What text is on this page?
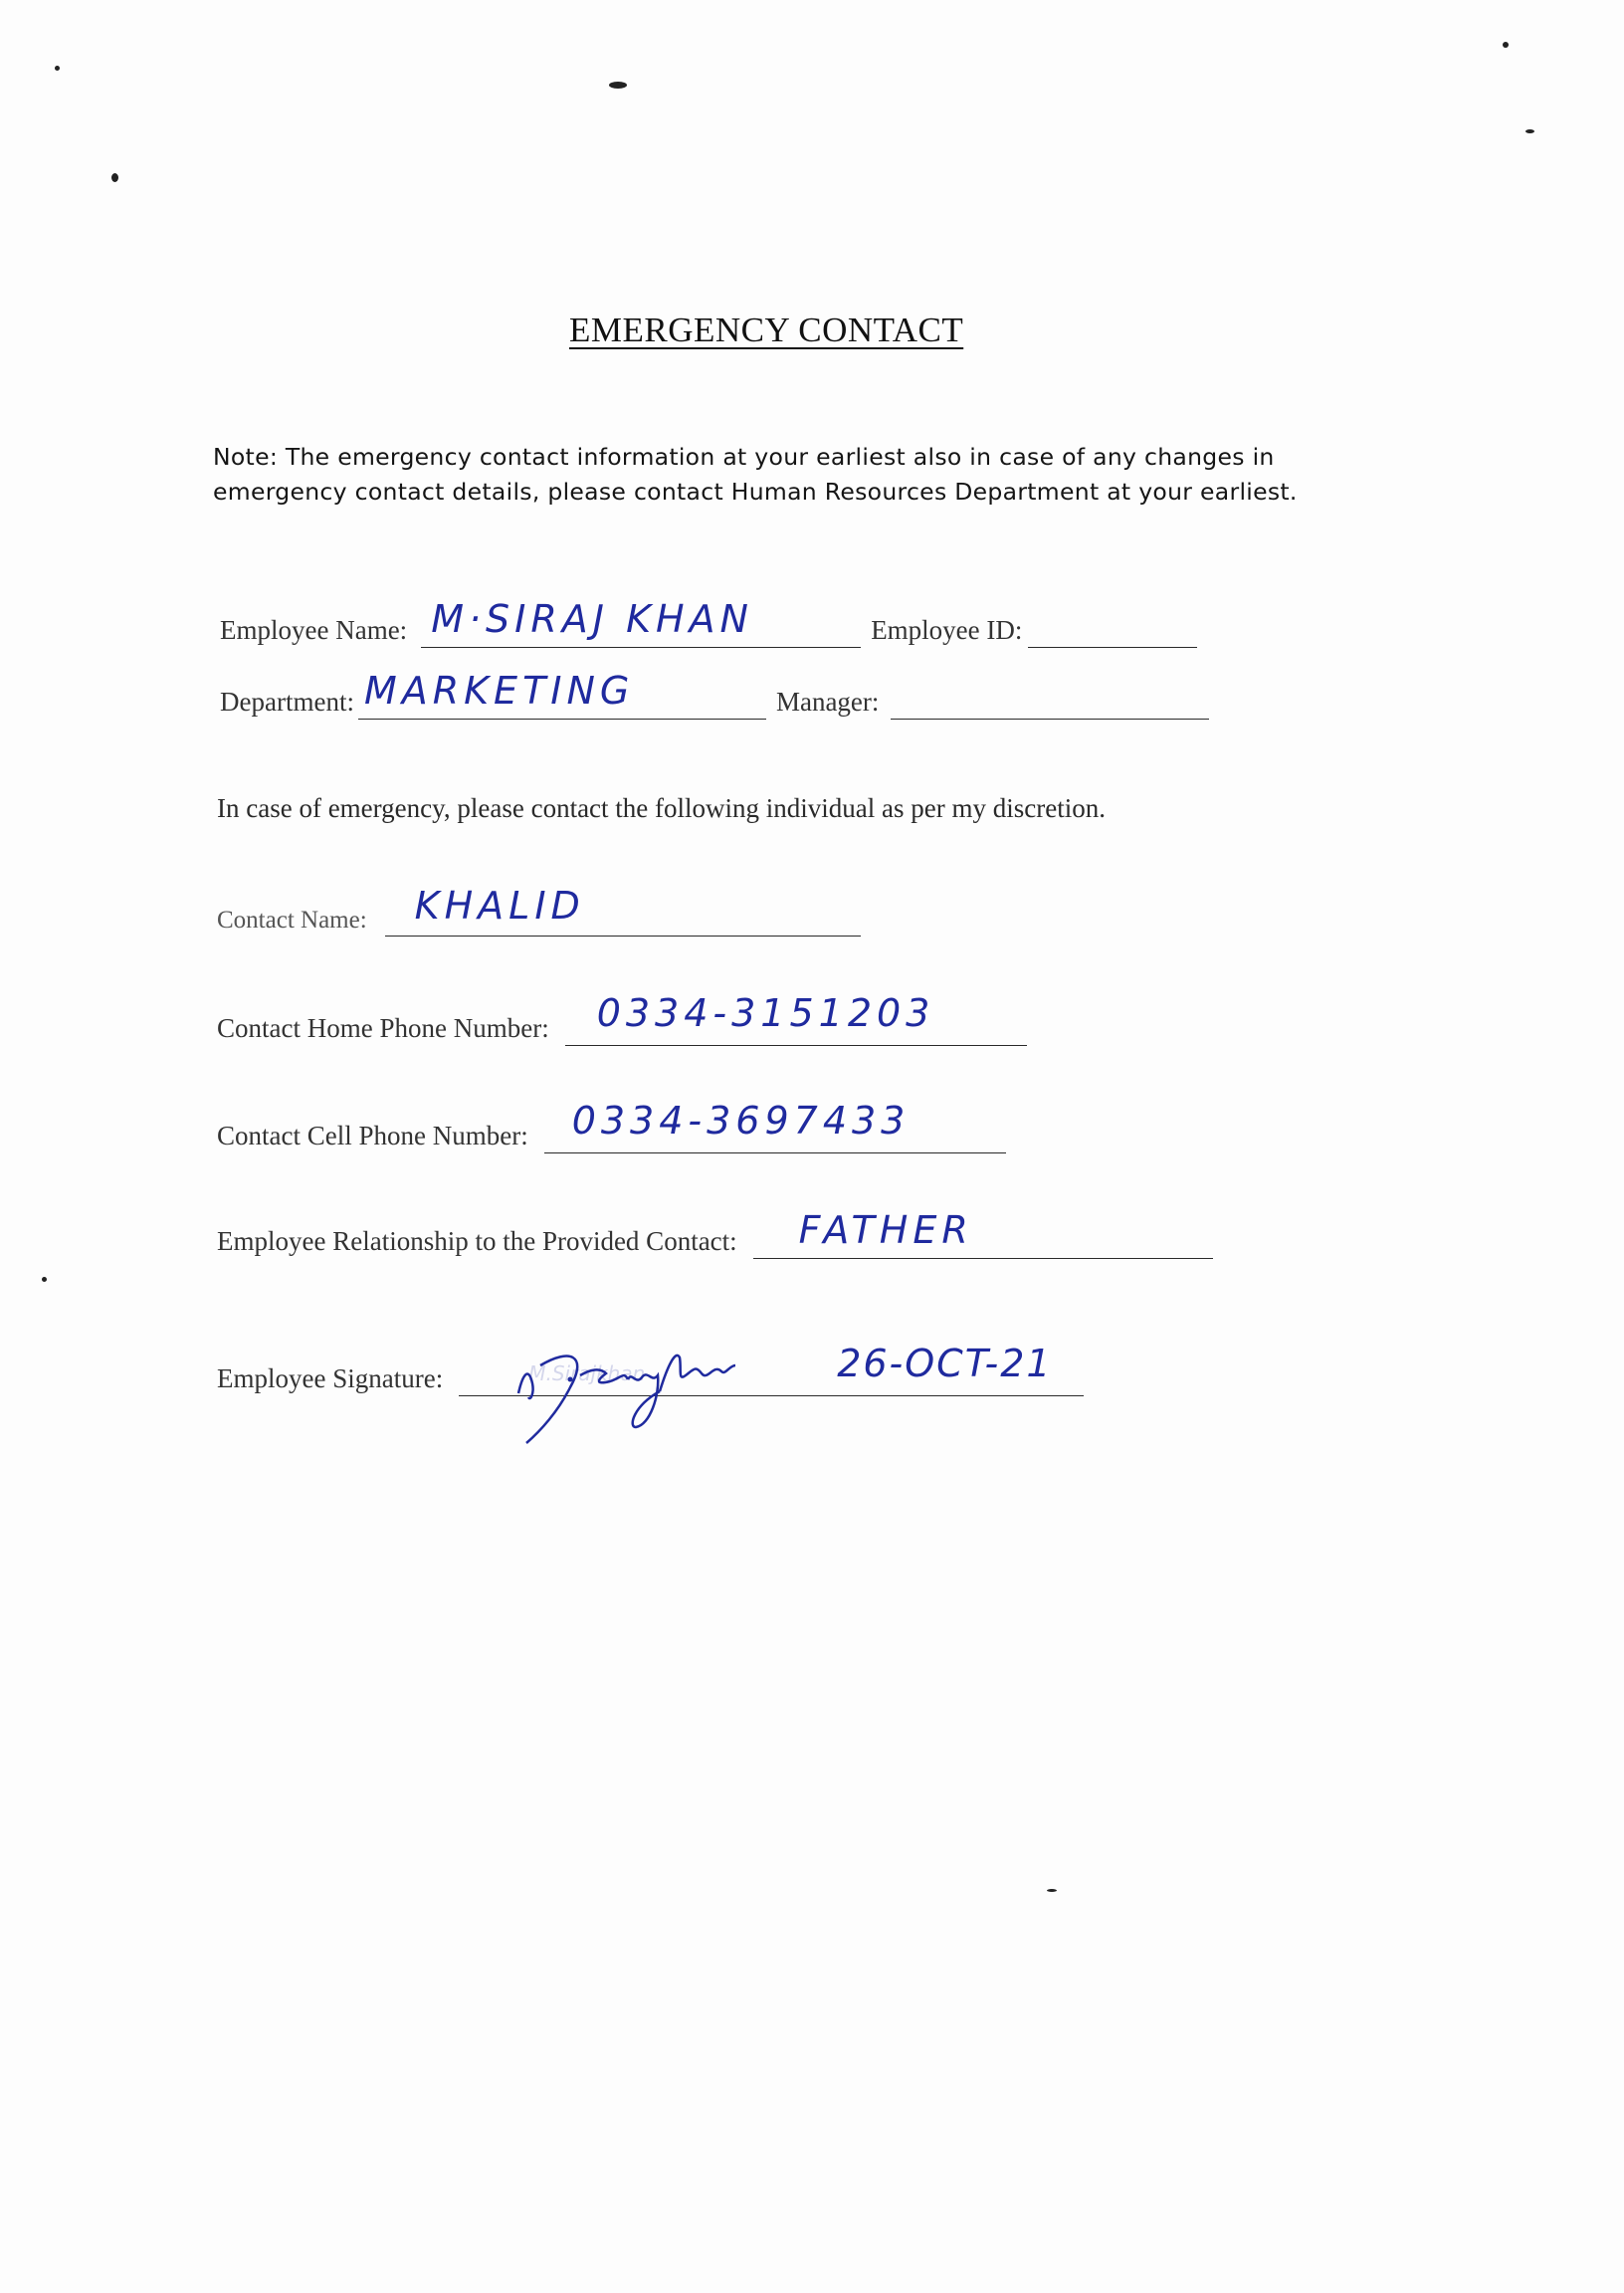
EMERGENCY CONTACT
Note: The emergency contact information at your earliest also in case of any changes in emergency contact details, please contact Human Resources Department at your earliest.
Employee Name: M·SIRAJ KHAN	Employee ID:
Department: MARKETING	Manager:
In case of emergency, please contact the following individual as per my discretion.
Contact Name: KHALID
Contact Home Phone Number: 0334-3151203
Contact Cell Phone Number: 0334-3697433
Employee Relationship to the Provided Contact: FATHER
Employee Signature:	M.Sirajkhan	26-OCT-21
